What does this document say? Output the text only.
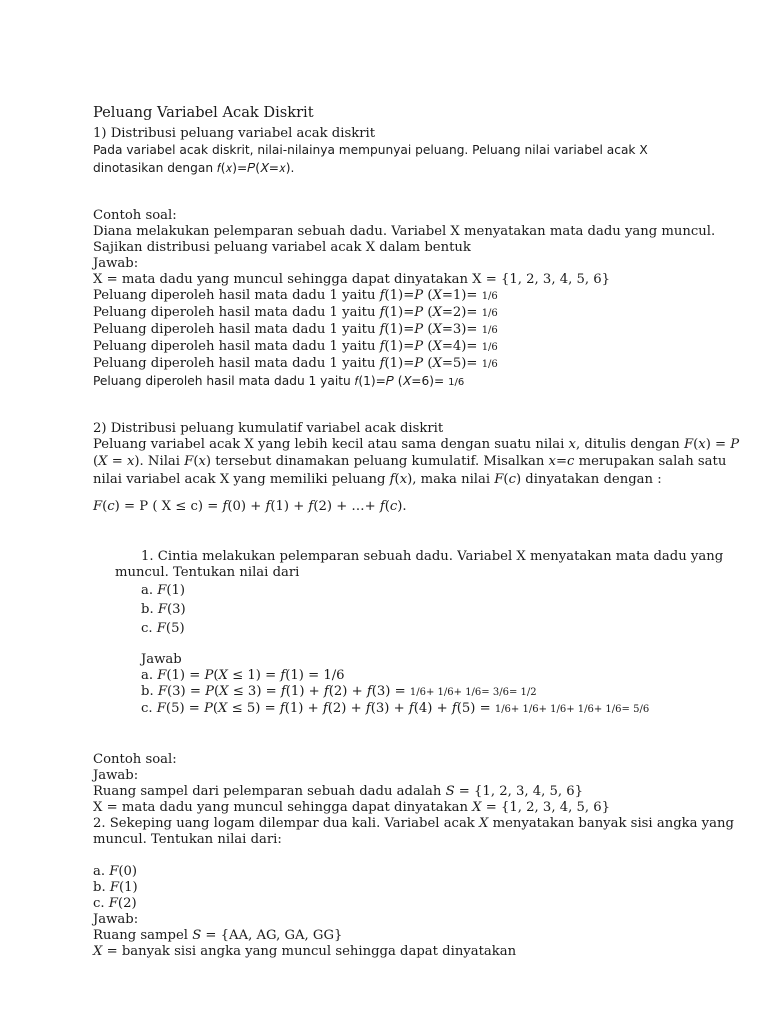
Peluang Variabel Acak Diskrit
1) Distribusi peluang variabel acak diskrit
Pada variabel acak diskrit, nilai-nilainya mempunyai peluang. Peluang nilai variabel acak X
dinotasikan dengan 𝑓(𝑥)=𝑃(𝑋=𝑥).
Contoh soal:
Diana melakukan pelemparan sebuah dadu. Variabel X menyatakan mata dadu yang muncul.
Sajikan distribusi peluang variabel acak X dalam bentuk
Jawab:
X = mata dadu yang muncul sehingga dapat dinyatakan X = {1, 2, 3, 4, 5, 6}
Peluang diperoleh hasil mata dadu 1 yaitu 𝑓(1)=𝑃 (𝑋=1)= 1/6
Peluang diperoleh hasil mata dadu 1 yaitu 𝑓(1)=𝑃 (𝑋=2)= 1/6
Peluang diperoleh hasil mata dadu 1 yaitu 𝑓(1)=𝑃 (𝑋=3)= 1/6
Peluang diperoleh hasil mata dadu 1 yaitu 𝑓(1)=𝑃 (𝑋=4)= 1/6
Peluang diperoleh hasil mata dadu 1 yaitu 𝑓(1)=𝑃 (𝑋=5)= 1/6
Peluang diperoleh hasil mata dadu 1 yaitu 𝑓(1)=𝑃 (𝑋=6)= 1/6
2) Distribusi peluang kumulatif variabel acak diskrit
Peluang variabel acak X yang lebih kecil atau sama dengan suatu nilai 𝑥, ditulis dengan 𝐹(𝑥) = 𝑃
(𝑋 = 𝑥). Nilai 𝐹(𝑥) tersebut dinamakan peluang kumulatif. Misalkan 𝑥=𝑐 merupakan salah satu
nilai variabel acak X yang memiliki peluang 𝑓(𝑥), maka nilai 𝐹(𝑐) dinyatakan dengan :
𝐹(𝑐) = P ( X ≤ c) = 𝑓(0) + 𝑓(1) + 𝑓(2) + …+ 𝑓(𝑐).
1. Cintia melakukan pelemparan sebuah dadu. Variabel X menyatakan mata dadu yang
muncul. Tentukan nilai dari
a. 𝐹(1)
b. 𝐹(3)
c. 𝐹(5)
Jawab
a. 𝐹(1) = 𝑃(𝑋 ≤ 1) = 𝑓(1) = 1/6
b. 𝐹(3) = 𝑃(𝑋 ≤ 3) = 𝑓(1) + 𝑓(2) + 𝑓(3) = 1/6+ 1/6+ 1/6= 3/6= 1/2
c. 𝐹(5) = 𝑃(𝑋 ≤ 5) = 𝑓(1) + 𝑓(2) + 𝑓(3) + 𝑓(4) + 𝑓(5) = 1/6+ 1/6+ 1/6+ 1/6+ 1/6= 5/6
Contoh soal:
Jawab:
Ruang sampel dari pelemparan sebuah dadu adalah 𝑆 = {1, 2, 3, 4, 5, 6}
X = mata dadu yang muncul sehingga dapat dinyatakan 𝑋 = {1, 2, 3, 4, 5, 6}
2. Sekeping uang logam dilempar dua kali. Variabel acak 𝑋 menyatakan banyak sisi angka yang
muncul. Tentukan nilai dari:
a. 𝐹(0)
b. 𝐹(1)
c. 𝐹(2)
Jawab:
Ruang sampel 𝑆 = {AA, AG, GA, GG}
𝑋 = banyak sisi angka yang muncul sehingga dapat dinyatakan
